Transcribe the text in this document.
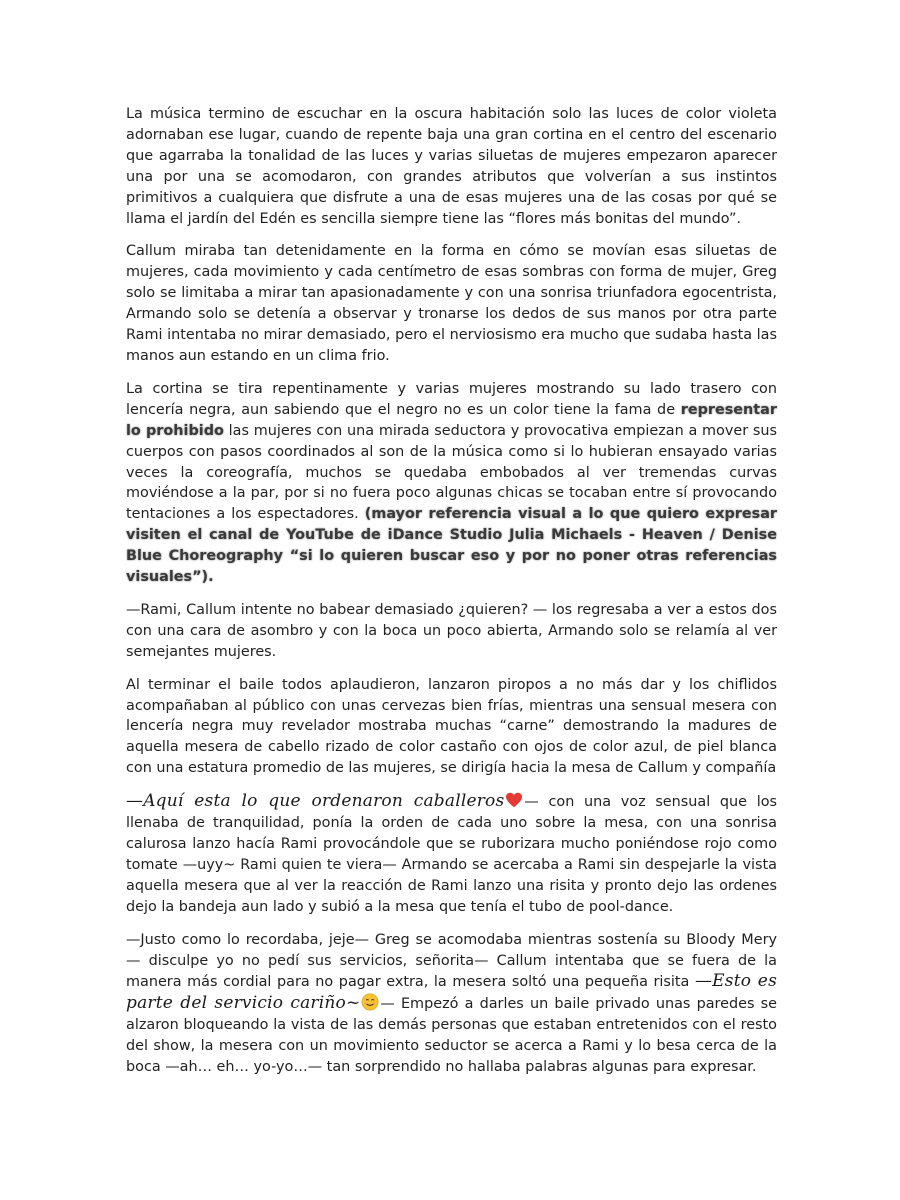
La música termino de escuchar en la oscura habitación solo las luces de color violeta adornaban ese lugar, cuando de repente baja una gran cortina en el centro del escenario que agarraba la tonalidad de las luces y varias siluetas de mujeres empezaron aparecer una por una se acomodaron, con grandes atributos que volverían a sus instintos primitivos a cualquiera que disfrute a una de esas mujeres una de las cosas por qué se llama el jardín del Edén es sencilla siempre tiene las “flores más bonitas del mundo”.

Callum miraba tan detenidamente en la forma en cómo se movían esas siluetas de mujeres, cada movimiento y cada centímetro de esas sombras con forma de mujer, Greg solo se limitaba a mirar tan apasionadamente y con una sonrisa triunfadora egocentrista, Armando solo se detenía a observar y tronarse los dedos de sus manos por otra parte Rami intentaba no mirar demasiado, pero el nerviosismo era mucho que sudaba hasta las manos aun estando en un clima frio.

La cortina se tira repentinamente y varias mujeres mostrando su lado trasero con lencería negra, aun sabiendo que el negro no es un color tiene la fama de representar lo prohibido las mujeres con una mirada seductora y provocativa empiezan a mover sus cuerpos con pasos coordinados al son de la música como si lo hubieran ensayado varias veces la coreografía, muchos se quedaba embobados al ver tremendas curvas moviéndose a la par, por si no fuera poco algunas chicas se tocaban entre sí provocando tentaciones a los espectadores. (mayor referencia visual a lo que quiero expresar visiten el canal de YouTube de iDance Studio Julia Michaels - Heaven / Denise Blue Choreography “si lo quieren buscar eso y por no poner otras referencias visuales”).

—Rami, Callum intente no babear demasiado ¿quieren? — los regresaba a ver a estos dos con una cara de asombro y con la boca un poco abierta, Armando solo se relamía al ver semejantes mujeres.

Al terminar el baile todos aplaudieron, lanzaron piropos a no más dar y los chiflidos acompañaban al público con unas cervezas bien frías, mientras una sensual mesera con lencería negra muy revelador mostraba muchas “carne” demostrando la madures de aquella mesera de cabello rizado de color castaño con ojos de color azul, de piel blanca con una estatura promedio de las mujeres, se dirigía hacia la mesa de Callum y compañía

—Aquí esta lo que ordenaron caballeros — con una voz sensual que los llenaba de tranquilidad, ponía la orden de cada uno sobre la mesa, con una sonrisa calurosa lanzo hacía Rami provocándole que se ruborizara mucho poniéndose rojo como tomate —uyy~ Rami quien te viera— Armando se acercaba a Rami sin despejarle la vista aquella mesera que al ver la reacción de Rami lanzo una risita y pronto dejo las ordenes dejo la bandeja aun lado y subió a la mesa que tenía el tubo de pool-dance.

—Justo como lo recordaba, jeje— Greg se acomodaba mientras sostenía su Bloody Mery — disculpe yo no pedí sus servicios, señorita— Callum intentaba que se fuera de la manera más cordial para no pagar extra, la mesera soltó una pequeña risita —Esto es parte del servicio cariño~ — Empezó a darles un baile privado unas paredes se alzaron bloqueando la vista de las demás personas que estaban entretenidos con el resto del show, la mesera con un movimiento seductor se acerca a Rami y lo besa cerca de la boca —ah… eh… yo-yo…— tan sorprendido no hallaba palabras algunas para expresar.
